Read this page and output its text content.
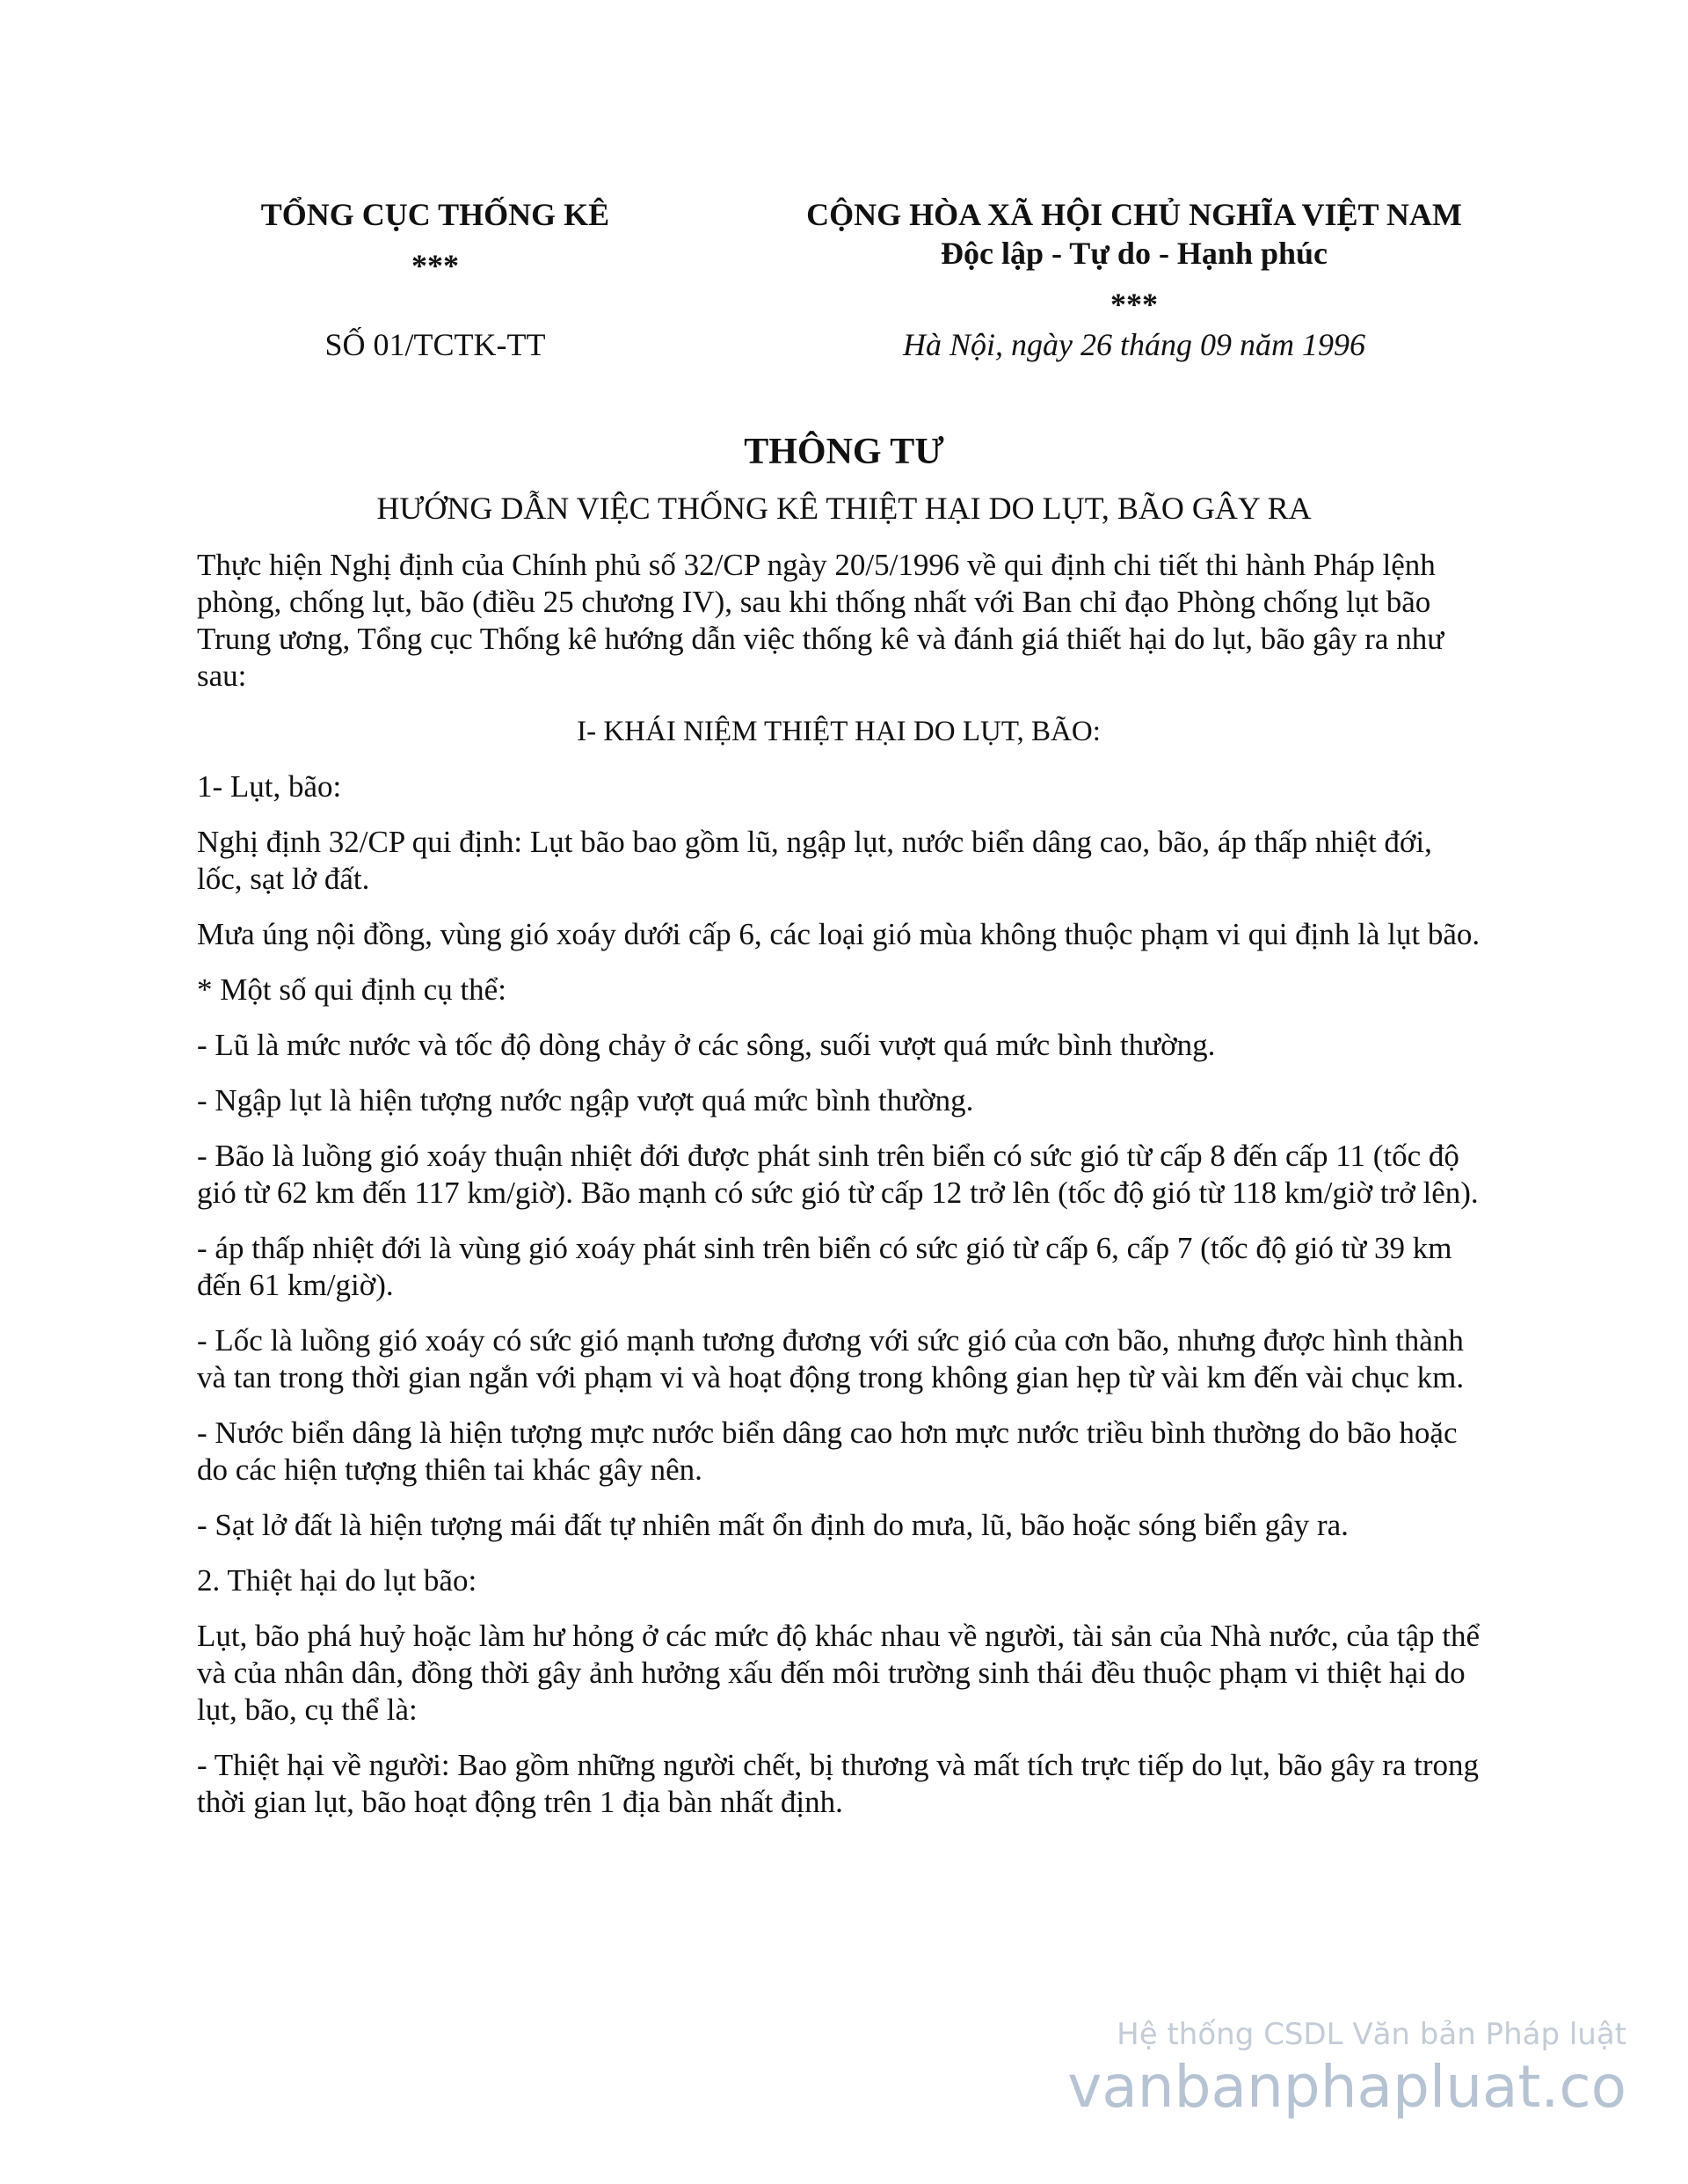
TỔNG CỤC THỐNG KÊ
***
SỐ 01/TCTK-TT
CỘNG HÒA XÃ HỘI CHỦ NGHĨA VIỆT NAM
Độc lập - Tự do - Hạnh phúc
***
Hà Nội, ngày 26 tháng 09 năm 1996
THÔNG TƯ
HƯỚNG DẪN VIỆC THỐNG KÊ THIỆT HẠI DO LỤT, BÃO GÂY RA

Thực hiện Nghị định của Chính phủ số 32/CP ngày 20/5/1996 về qui định chi tiết thi hành Pháp lệnh phòng, chống lụt, bão (điều 25 chương IV), sau khi thống nhất với Ban chỉ đạo Phòng chống lụt bão Trung ương, Tổng cục Thống kê hướng dẫn việc thống kê và đánh giá thiết hại do lụt, bão gây ra như sau:

I- KHÁI NIỆM THIỆT HẠI DO LỤT, BÃO:

1- Lụt, bão:

Nghị định 32/CP qui định: Lụt bão bao gồm lũ, ngập lụt, nước biển dâng cao, bão, áp thấp nhiệt đới, lốc, sạt lở đất.

Mưa úng nội đồng, vùng gió xoáy dưới cấp 6, các loại gió mùa không thuộc phạm vi qui định là lụt bão.

* Một số qui định cụ thể:

- Lũ là mức nước và tốc độ dòng chảy ở các sông, suối vượt quá mức bình thường.

- Ngập lụt là hiện tượng nước ngập vượt quá mức bình thường.

- Bão là luồng gió xoáy thuận nhiệt đới được phát sinh trên biển có sức gió từ cấp 8 đến cấp 11 (tốc độ gió từ 62 km đến 117 km/giờ). Bão mạnh có sức gió từ cấp 12 trở lên (tốc độ gió từ 118 km/giờ trở lên).

- áp thấp nhiệt đới là vùng gió xoáy phát sinh trên biển có sức gió từ cấp 6, cấp 7 (tốc độ gió từ 39 km đến 61 km/giờ).

- Lốc là luồng gió xoáy có sức gió mạnh tương đương với sức gió của cơn bão, nhưng được hình thành và tan trong thời gian ngắn với phạm vi và hoạt động trong không gian hẹp từ vài km đến vài chục km.

- Nước biển dâng là hiện tượng mực nước biển dâng cao hơn mực nước triều bình thường do bão hoặc do các hiện tượng thiên tai khác gây nên.

- Sạt lở đất là hiện tượng mái đất tự nhiên mất ổn định do mưa, lũ, bão hoặc sóng biển gây ra.

2. Thiệt hại do lụt bão:

Lụt, bão phá huỷ hoặc làm hư hỏng ở các mức độ khác nhau về người, tài sản của Nhà nước, của tập thể và của nhân dân, đồng thời gây ảnh hưởng xấu đến môi trường sinh thái đều thuộc phạm vi thiệt hại do lụt, bão, cụ thể là:

- Thiệt hại về người: Bao gồm những người chết, bị thương và mất tích trực tiếp do lụt, bão gây ra trong thời gian lụt, bão hoạt động trên 1 địa bàn nhất định.

Hệ thống CSDL Văn bản Pháp luật
vanbanphapluat.co
